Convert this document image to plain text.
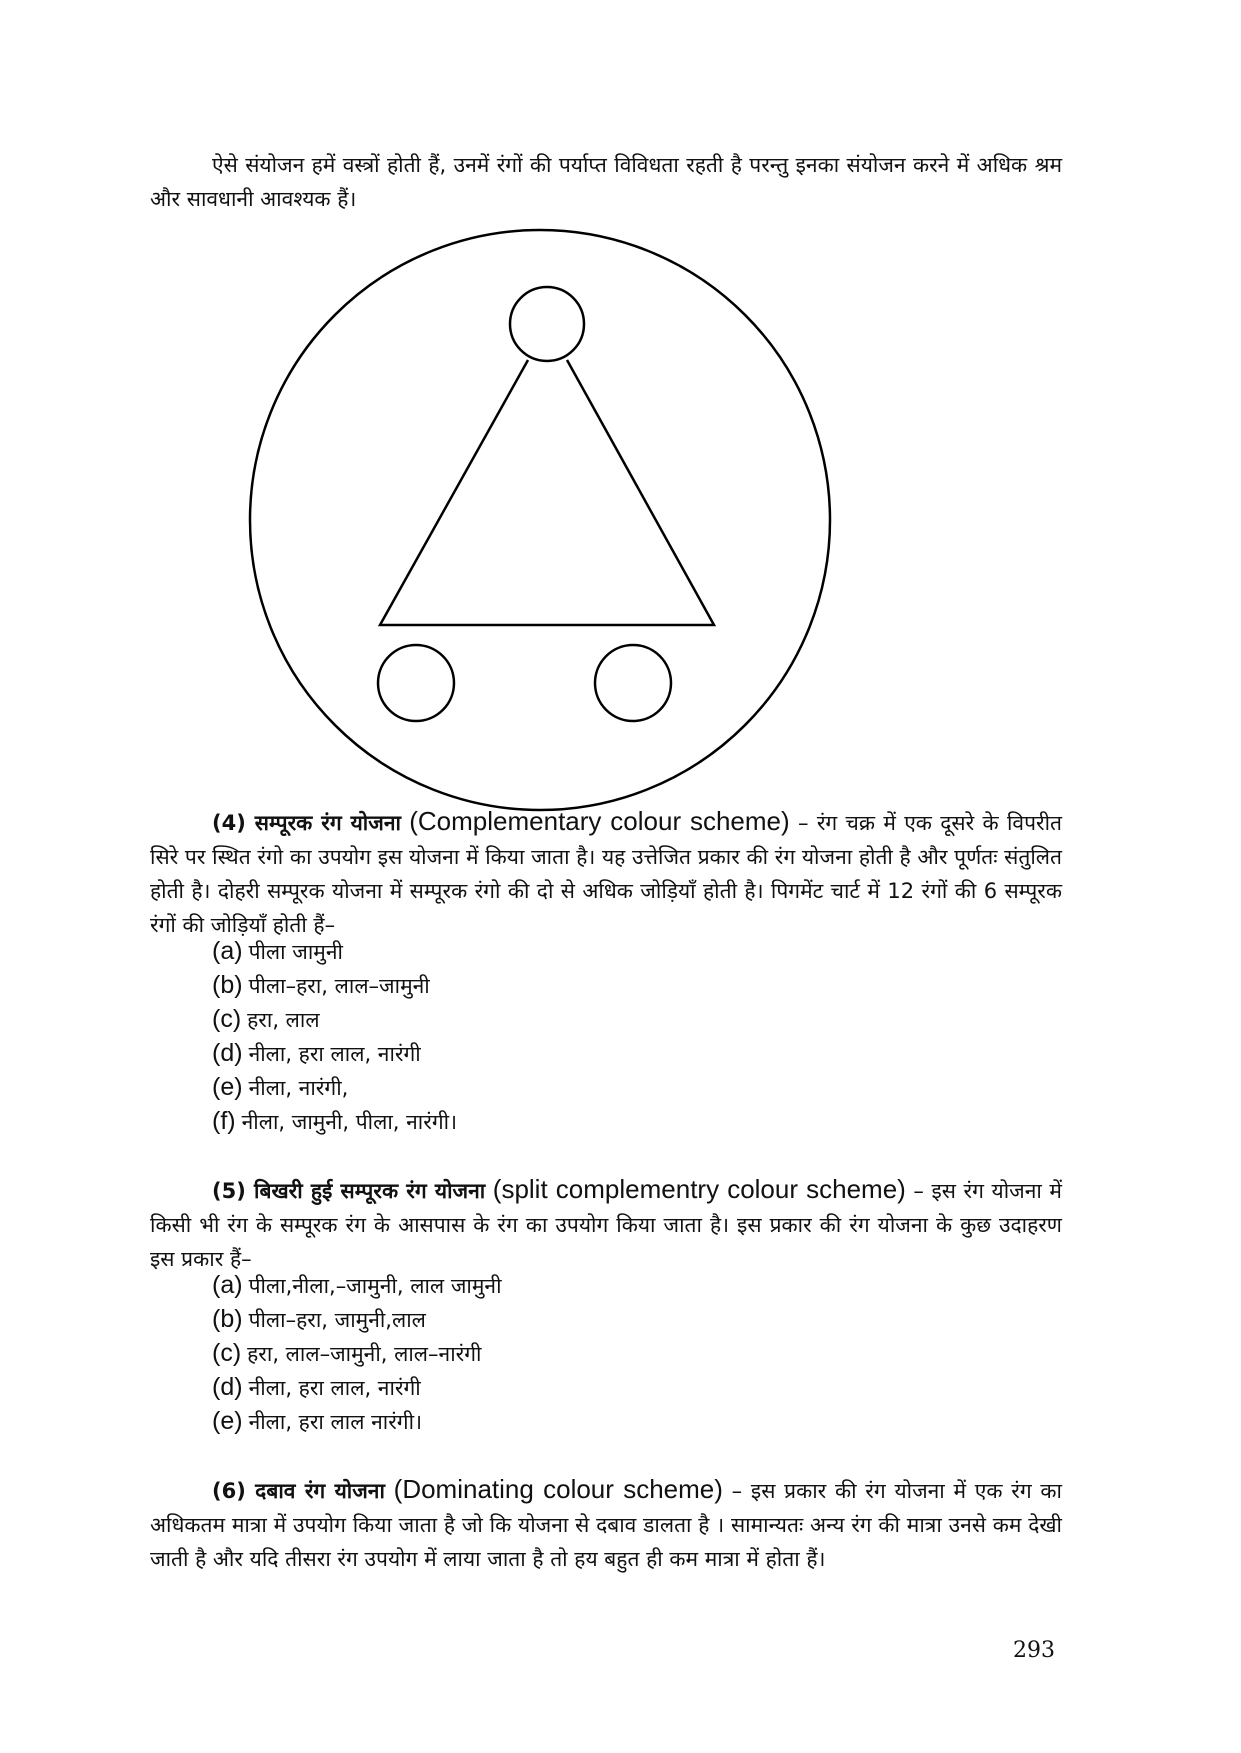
ऐसे संयोजन हमें वस्त्रों होती हैं, उनमें रंगों की पर्याप्त विविधता रहती है परन्तु इनका संयोजन करने में अधिक श्रम और सावधानी आवश्यक हैं।

(4) सम्पूरक रंग योजना (Complementary colour scheme) – रंग चक्र में एक दूसरे के विपरीत सिरे पर स्थित रंगो का उपयोग इस योजना में किया जाता है। यह उत्तेजित प्रकार की रंग योजना होती है और पूर्णतः संतुलित होती है। दोहरी सम्पूरक योजना में सम्पूरक रंगो की दो से अधिक जोड़ियाँ होती है। पिगमेंट चार्ट में 12 रंगों की 6 सम्पूरक रंगों की जोड़ियाँ होती हैं–

(a) पीला जामुनी
(b) पीला–हरा, लाल–जामुनी
(c) हरा, लाल
(d) नीला, हरा लाल, नारंगी
(e) नीला, नारंगी,
(f) नीला, जामुनी, पीला, नारंगी।

(5) बिखरी हुई सम्पूरक रंग योजना (split complementry colour scheme) – इस रंग योजना में किसी भी रंग के सम्पूरक रंग के आसपास के रंग का उपयोग किया जाता है। इस प्रकार की रंग योजना के कुछ उदाहरण इस प्रकार हैं–

(a) पीला,नीला,–जामुनी, लाल जामुनी
(b) पीला–हरा, जामुनी,लाल
(c) हरा, लाल–जामुनी, लाल–नारंगी
(d) नीला, हरा लाल, नारंगी
(e) नीला, हरा लाल नारंगी।

(6) दबाव रंग योजना (Dominating colour scheme) – इस प्रकार की रंग योजना में एक रंग का अधिकतम मात्रा में उपयोग किया जाता है जो कि योजना से दबाव डालता है । सामान्यतः अन्य रंग की मात्रा उनसे कम देखी जाती है और यदि तीसरा रंग उपयोग में लाया जाता है तो हय बहुत ही कम मात्रा में होता हैं।

293
